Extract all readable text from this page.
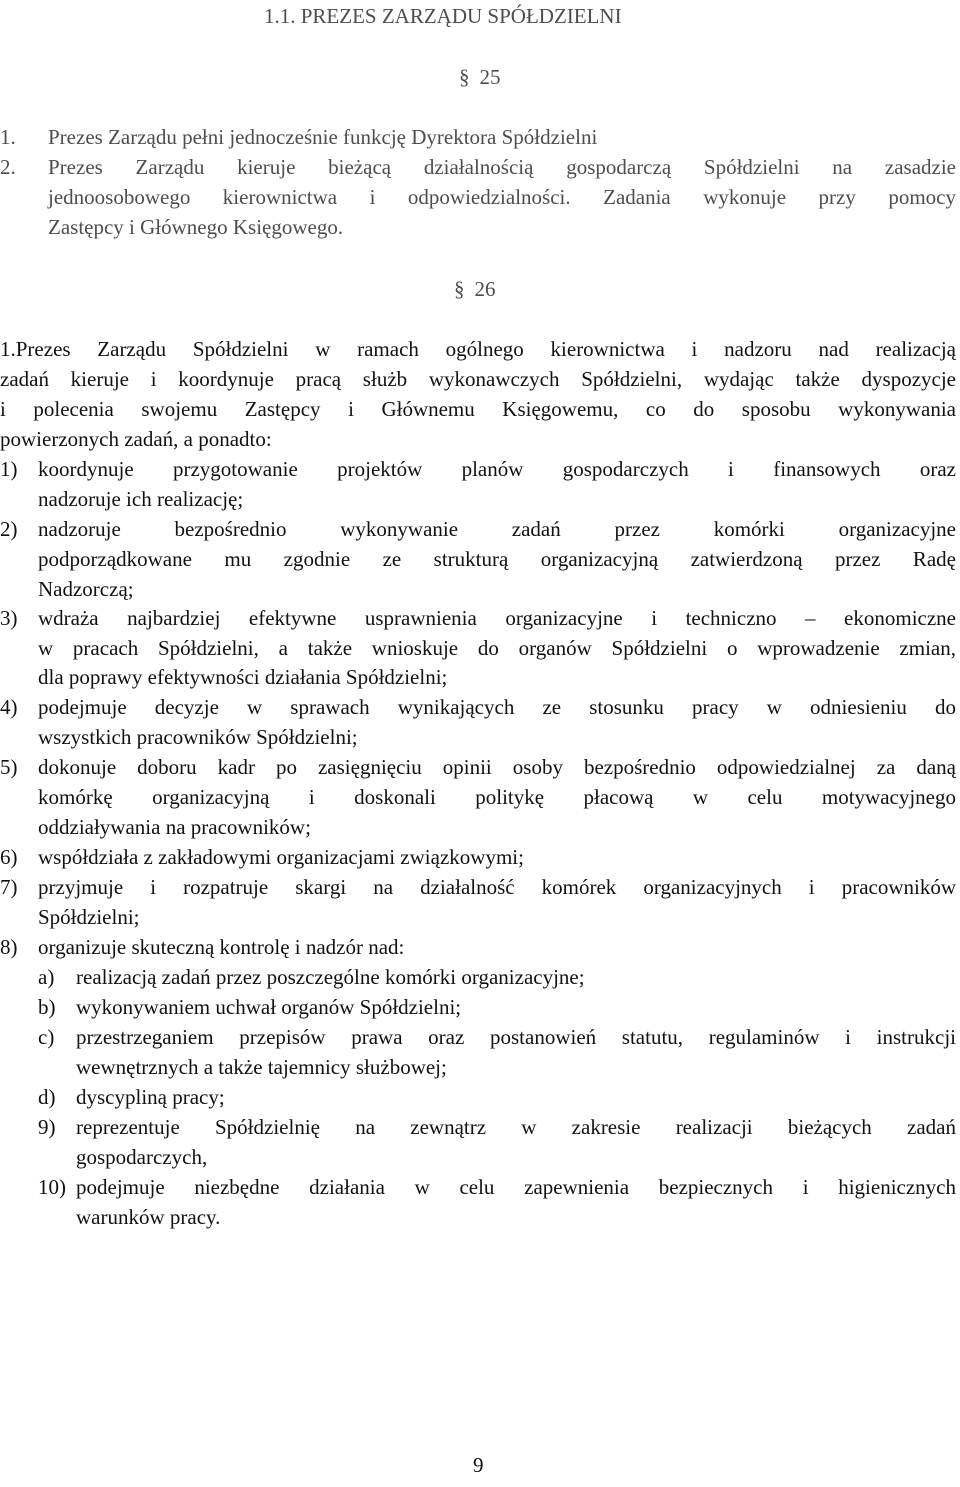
1.1. PREZES ZARZĄDU SPÓŁDZIELNI
§ 25
1. Prezes Zarządu pełni jednocześnie funkcję Dyrektora Spółdzielni
2. Prezes Zarządu kieruje bieżącą działalnością gospodarczą Spółdzielni na zasadzie
jednoosobowego kierownictwa i odpowiedzialności. Zadania wykonuje przy pomocy
Zastępcy i Głównego Księgowego.
§ 26
1.Prezes Zarządu Spółdzielni w ramach ogólnego kierownictwa i nadzoru nad realizacją
zadań kieruje i koordynuje pracą służb wykonawczych Spółdzielni, wydając także dyspozycje
i polecenia swojemu Zastępcy i Głównemu Księgowemu, co do sposobu wykonywania
powierzonych zadań, a ponadto:
1) koordynuje przygotowanie projektów planów gospodarczych i finansowych oraz
nadzoruje ich realizację;
2) nadzoruje bezpośrednio wykonywanie zadań przez komórki organizacyjne
podporządkowane mu zgodnie ze strukturą organizacyjną zatwierdzoną przez Radę
Nadzorczą;
3) wdraża najbardziej efektywne usprawnienia organizacyjne i techniczno – ekonomiczne
w pracach Spółdzielni, a także wnioskuje do organów Spółdzielni o wprowadzenie zmian,
dla poprawy efektywności działania Spółdzielni;
4) podejmuje decyzje w sprawach wynikających ze stosunku pracy w odniesieniu do
wszystkich pracowników Spółdzielni;
5) dokonuje doboru kadr po zasięgnięciu opinii osoby bezpośrednio odpowiedzialnej za daną
komórkę organizacyjną i doskonali politykę płacową w celu motywacyjnego
oddziaływania na pracowników;
6) współdziała z zakładowymi organizacjami związkowymi;
7) przyjmuje i rozpatruje skargi na działalność komórek organizacyjnych i pracowników
Spółdzielni;
8) organizuje skuteczną kontrolę i nadzór nad:
a) realizacją zadań przez poszczególne komórki organizacyjne;
b) wykonywaniem uchwał organów Spółdzielni;
c) przestrzeganiem przepisów prawa oraz postanowień statutu, regulaminów i instrukcji
wewnętrznych a także tajemnicy służbowej;
d) dyscypliną pracy;
9) reprezentuje Spółdzielnię na zewnątrz w zakresie realizacji bieżących zadań
gospodarczych,
10) podejmuje niezbędne działania w celu zapewnienia bezpiecznych i higienicznych
warunków pracy.
9
